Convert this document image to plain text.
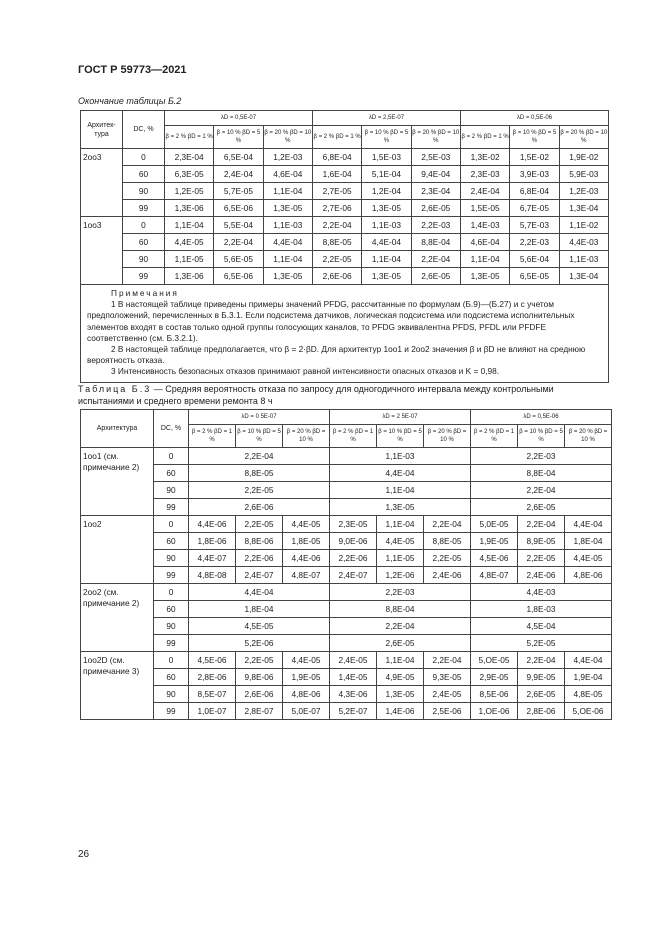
ГОСТ Р 59773—2021
Окончание таблицы Б.2
Архитек-тура	DC, %	λD = 0,5E-07			λD = 2,5E-07			λD = 0,5E-06		
		β = 2 % βD = 1 %	β = 10 % βD = 5 %	β = 20 % βD = 10 %	β = 2 % βD = 1 %	β = 10 % βD = 5 %	β = 20 % βD = 10 %	β = 2 % βD = 1 %	β = 10 % βD = 5 %	β = 20 % βD = 10 %
2oo3	0	2,3E-04	6,5E-04	1,2E-03	6,8E-04	1,5E-03	2,5E-03	1,3E-02	1,5E-02	1,9E-02
	60	6,3E-05	2,4E-04	4,6E-04	1,6E-04	5,1E-04	9,4E-04	2,3E-03	3,9E-03	5,9E-03
	90	1,2E-05	5,7E-05	1,1E-04	2,7E-05	1,2E-04	2,3E-04	2,4E-04	6,8E-04	1,2E-03
	99	1,3E-06	6,5E-06	1,3E-05	2,7E-06	1,3E-05	2,6E-05	1,5E-05	6,7E-05	1,3E-04
1oo3	0	1,1E-04	5,5E-04	1,1E-03	2,2E-04	1,1E-03	2,2E-03	1,4E-03	5,7E-03	1,1E-02
	60	4,4E-05	2,2E-04	4,4E-04	8,8E-05	4,4E-04	8,8E-04	4,6E-04	2,2E-03	4,4E-03
	90	1,1E-05	5,6E-05	1,1E-04	2,2E-05	1,1E-04	2,2E-04	1,1E-04	5,6E-04	1,1E-03
	99	1,3E-06	6,5E-06	1,3E-05	2,6E-06	1,3E-05	2,6E-05	1,3E-05	6,5E-05	1,3E-04

Примечания

1 В настоящей таблице приведены примеры значений PFDG, рассчитанные по формулам (Б.9)—(Б.27) и с учетом предположений, перечисленных в Б.3.1. Если подсистема датчиков, логическая подсистема или подсистема исполнительных элементов входят в состав только одной группы голосующих каналов, то PFDG эквивалентна PFDS, PFDL или PFDFE соответственно (см. Б.3.2.1).

2 В настоящей таблице предполагается, что β = 2·βD. Для архитектур 1oo1 и 2oo2 значения β и βD не влияют на среднюю вероятность отказа.

3 Интенсивность безопасных отказов принимают равной интенсивности опасных отказов и K = 0,98.										

Таблица Б.3 — Средняя вероятность отказа по запросу для одногодичного интервала между контрольными испытаниями и среднего времени ремонта 8 ч
Архитектура	DC, %	λD = 0 5E-07			λD = 2 5E-07			λD = 0,5E-06		
		β = 2 % βD = 1 %	β = 10 % βD = 5 %	β = 20 % βD = 10 %	β = 2 % βD = 1 %	β = 10 % βD = 5 %	β = 20 % βD = 10 %	β = 2 % βD = 1 %	β = 10 % βD = 5 %	β = 20 % βD = 10 %
1oo1 (см. примечание 2)	0	2,2E-04			1,1E-03			2,2E-03		
	60	8,8E-05			4,4E-04			8,8E-04		
	90	2,2E-05			1,1E-04			2,2E-04		
	99	2,6E-06			1,3E-05			2,6E-05		
1oo2	0	4,4E-06	2,2E-05	4,4E-05	2,3E-05	1,1E-04	2,2E-04	5,0E-05	2,2E-04	4,4E-04
	60	1,8E-06	8,8E-06	1,8E-05	9,0E-06	4,4E-05	8,8E-05	1,9E-05	8,9E-05	1,8E-04
	90	4,4E-07	2,2E-06	4,4E-06	2,2E-06	1,1E-05	2,2E-05	4,5E-06	2,2E-05	4,4E-05
	99	4,8E-08	2,4E-07	4,8E-07	2,4E-07	1,2E-06	2,4E-06	4,8E-07	2,4E-06	4,8E-06
2oo2 (см. примечание 2)	0	4,4E-04			2,2E-03			4,4E-03		
	60	1,8E-04			8,8E-04			1,8E-03		
	90	4,5E-05			2,2E-04			4,5E-04		
	99	5,2E-06			2,6E-05			5,2E-05		
1oo2D (см. примечание 3)	0	4,5E-06	2,2E-05	4,4E-05	2,4E-05	1,1E-04	2,2E-04	5,OE-05	2,2E-04	4,4E-04
	60	2,8E-06	9,8E-06	1,9E-05	1,4E-05	4,9E-05	9,3E-05	2,9E-05	9,9E-05	1,9E-04
	90	8,5E-07	2,6E-06	4,8E-06	4,3E-06	1,3E-05	2,4E-05	8,5E-06	2,6E-05	4,8E-05
	99	1,0E-07	2,8E-07	5,0E-07	5,2E-07	1,4E-06	2,5E-06	1,OE-06	2,8E-06	5,OE-06
26
